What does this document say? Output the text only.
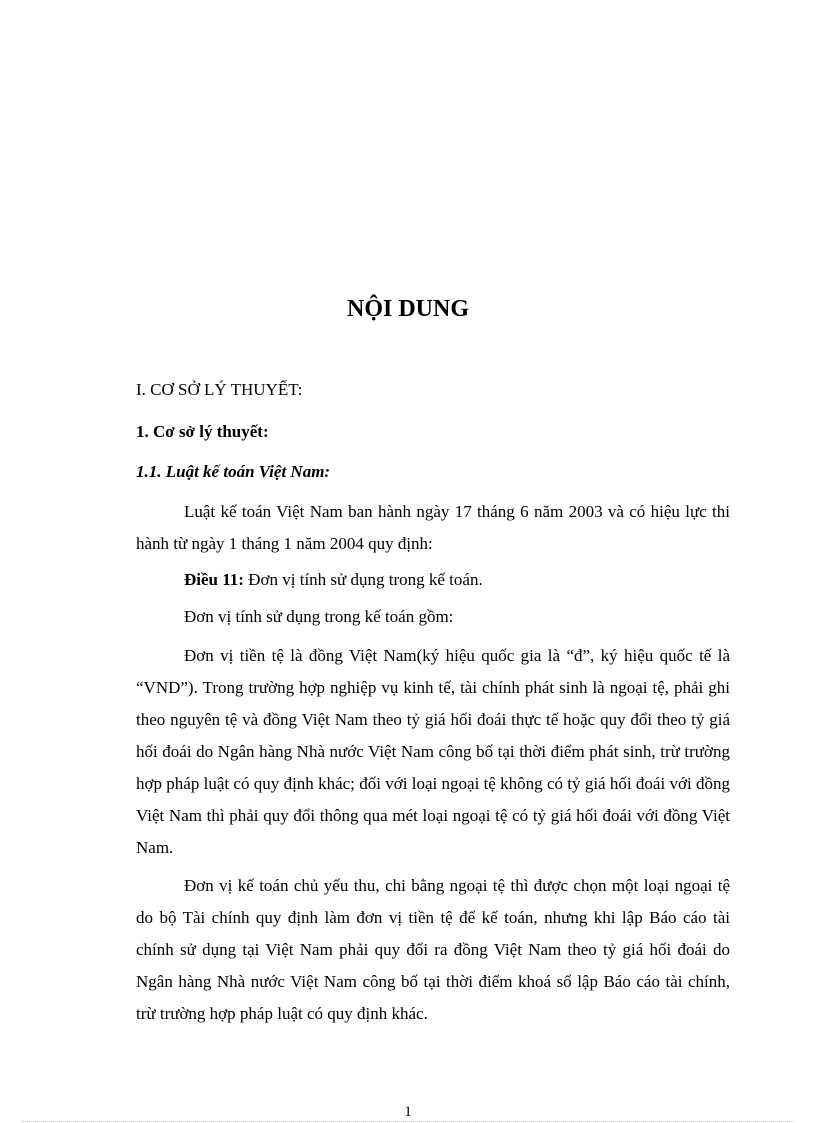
NỘI DUNG
I. CƠ SỞ LÝ THUYẾT:
1. Cơ sở lý thuyết:
1.1. Luật kế toán Việt Nam:

Luật kế toán Việt Nam ban hành ngày 17 tháng 6 năm 2003 và có hiệu lực thi hành từ ngày 1 tháng 1 năm 2004 quy định:

Điều 11: Đơn vị tính sử dụng trong kế toán.

Đơn vị tính sử dụng trong kế toán gồm:

Đơn vị tiền tệ là đồng Việt Nam(ký hiệu quốc gia là “đ”, ký hiệu quốc tế là “VND”). Trong trường hợp nghiệp vụ kinh tế, tài chính phát sinh là ngoại tệ, phải ghi theo nguyên tệ và đồng Việt Nam theo tỷ giá hối đoái thực tế hoặc quy đổi theo tỷ giá hối đoái do Ngân hàng Nhà nước Việt Nam công bố tại thời điểm phát sinh, trừ trường hợp pháp luật có quy định khác; đối với loại ngoại tệ không có tỷ giá hối đoái với đồng Việt Nam thì phải quy đổi thông qua mét loại ngoại tệ có tỷ giá hối đoái với đồng Việt Nam.

Đơn vị kế toán chủ yếu thu, chi bằng ngoại tệ thì được chọn một loại ngoại tệ do bộ Tài chính quy định làm đơn vị tiền tệ để kế toán, nhưng khi lập Báo cáo tài chính sử dụng tại Việt Nam phải quy đổi ra đồng Việt Nam theo tỷ giá hối đoái do Ngân hàng Nhà nước Việt Nam công bố tại thời điểm khoá sổ lập Báo cáo tài chính, trừ trường hợp pháp luật có quy định khác.

1
